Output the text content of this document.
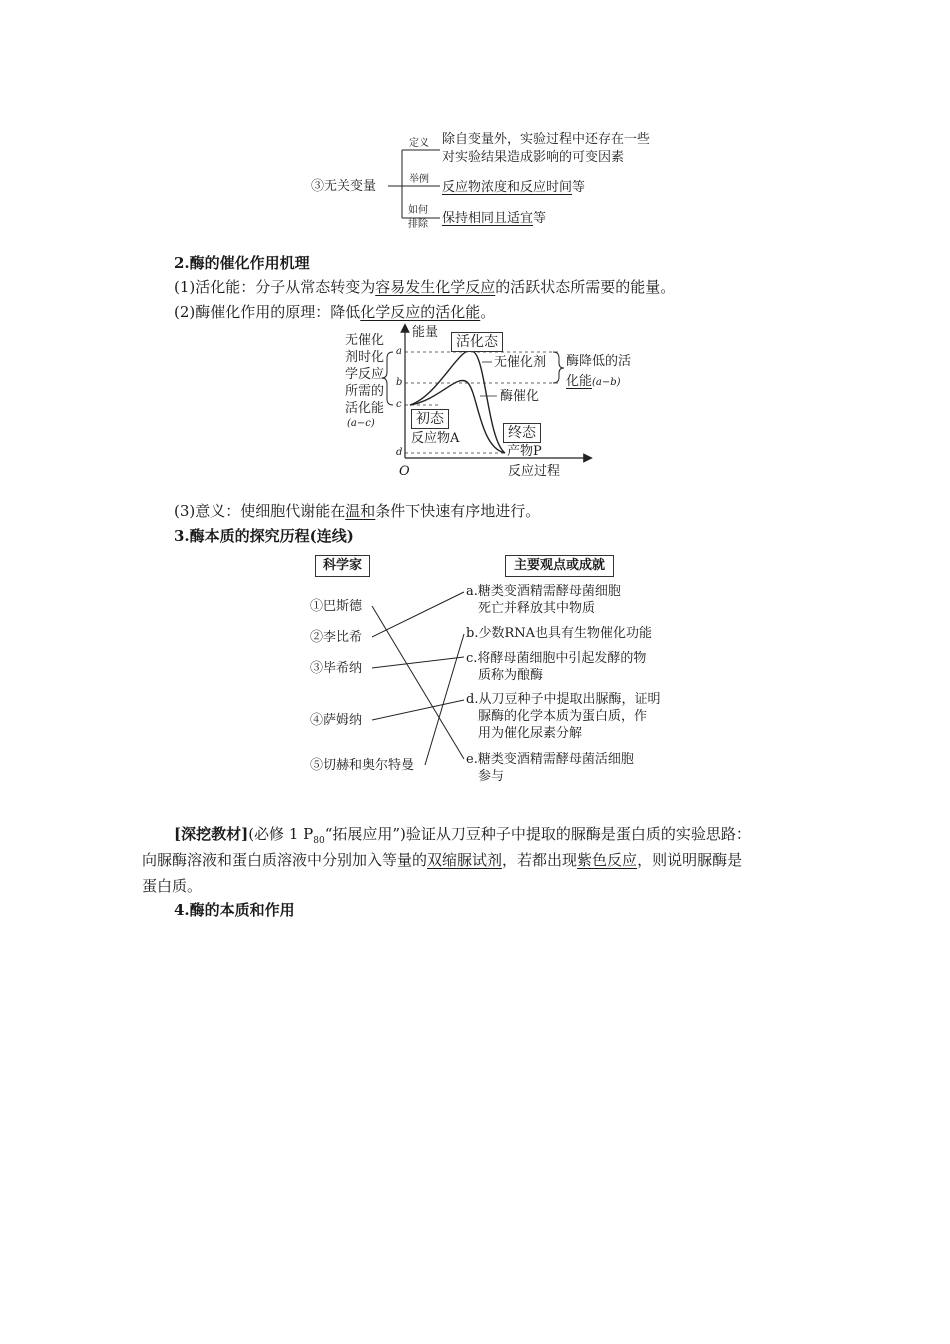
③无关变量
定义 除自变量外，实验过程中还存在一些
对实验结果造成影响的可变因素
举例
反应物浓度和反应时间等
如何
排除 保持相同且适宜等
2.酶的催化作用机理
(1)活化能：分子从常态转变为容易发生化学反应的活跃状态所需要的能量。
(2)酶催化作用的原理：降低化学反应的活化能。
能量
反应过程
O
a
b
c
d
活化态
无催化剂
酶催化
初态
反应物A	终态
产物P
无催化
剂时化
学反应
所需的
活化能
(a−c)
酶降低的活
化能(a−b)
(3)意义：使细胞代谢能在温和条件下快速有序地进行。
3.酶本质的探究历程(连线)
科学家	主要观点或成就
①巴斯德
②李比希
③毕希纳
④萨姆纳
⑤切赫和奥尔特曼
a.糖类变酒精需酵母菌细胞
死亡并释放其中物质
b.少数RNA也具有生物催化功能
c.将酵母菌细胞中引起发酵的物
质称为酿酶
d.从刀豆种子中提取出脲酶，证明
脲酶的化学本质为蛋白质，作
用为催化尿素分解
e.糖类变酒精需酵母菌活细胞
参与
[深挖教材](必修 1 $P_{80}“$拓展应用”)验证从刀豆种子中提取的脲酶是蛋白质的实验思路：
向脲酶溶液和蛋白质溶液中分别加入等量的双缩脲试剂，若都出现紫色反应，则说明脲酶是
蛋白质。
4.酶的本质和作用
